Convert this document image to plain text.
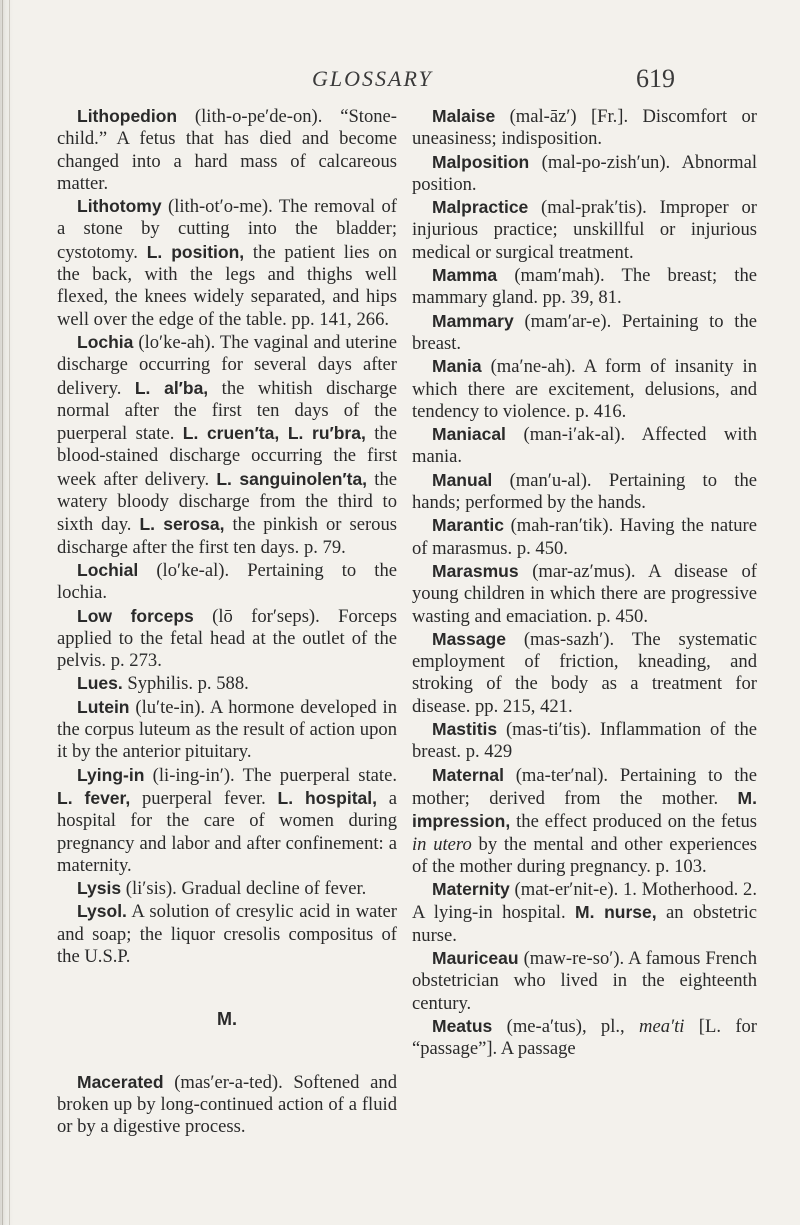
GLOSSARY	619

Lithopedion (lith-o-pe′de-on). “Stone-child.” A fetus that has died and become changed into a hard mass of calcareous matter.

Lithotomy (lith-ot′o-me). The removal of a stone by cutting into the bladder; cystotomy. L. position, the patient lies on the back, with the legs and thighs well flexed, the knees widely separated, and hips well over the edge of the table. pp. 141, 266.

Lochia (lo′ke-ah). The vaginal and uterine discharge occurring for several days after delivery. L. al′ba, the whitish discharge normal after the first ten days of the puerperal state. L. cruen′ta, L. ru′bra, the blood-stained discharge occurring the first week after delivery. L. sanguinolen′ta, the watery bloody discharge from the third to sixth day. L. serosa, the pinkish or serous discharge after the first ten days. p. 79.

Lochial (lo′ke-al). Pertaining to the lochia.

Low forceps (lō for′seps). Forceps applied to the fetal head at the outlet of the pelvis. p. 273.

Lues. Syphilis. p. 588.

Lutein (lu′te-in). A hormone developed in the corpus luteum as the result of action upon it by the anterior pituitary.

Lying-in (li-ing-in′). The puerperal state. L. fever, puerperal fever. L. hospital, a hospital for the care of women during pregnancy and labor and after confinement: a maternity.

Lysis (li′sis). Gradual decline of fever.

Lysol. A solution of cresylic acid in water and soap; the liquor cresolis compositus of the U.S.P.

M.

Macerated (mas′er-a-ted). Softened and broken up by long-continued action of a fluid or by a digestive process.

Malaise (mal-āz′) [Fr.]. Discomfort or uneasiness; indisposition.

Malposition (mal-po-zish′un). Abnormal position.

Malpractice (mal-prak′tis). Improper or injurious practice; unskillful or injurious medical or surgical treatment.

Mamma (mam′mah). The breast; the mammary gland. pp. 39, 81.

Mammary (mam′ar-e). Pertaining to the breast.

Mania (ma′ne-ah). A form of insanity in which there are excitement, delusions, and tendency to violence. p. 416.

Maniacal (man-i′ak-al). Affected with mania.

Manual (man′u-al). Pertaining to the hands; performed by the hands.

Marantic (mah-ran′tik). Having the nature of marasmus. p. 450.

Marasmus (mar-az′mus). A disease of young children in which there are progressive wasting and emaciation. p. 450.

Massage (mas-sazh′). The systematic employment of friction, kneading, and stroking of the body as a treatment for disease. pp. 215, 421.

Mastitis (mas-ti′tis). Inflammation of the breast. p. 429

Maternal (ma-ter′nal). Pertaining to the mother; derived from the mother. M. impression, the effect produced on the fetus in utero by the mental and other experiences of the mother during pregnancy. p. 103.

Maternity (mat-er′nit-e). 1. Motherhood. 2. A lying-in hospital. M. nurse, an obstetric nurse.

Mauriceau (maw-re-so′). A famous French obstetrician who lived in the eighteenth century.

Meatus (me-a′tus), pl., mea′ti [L. for “passage”]. A passage
